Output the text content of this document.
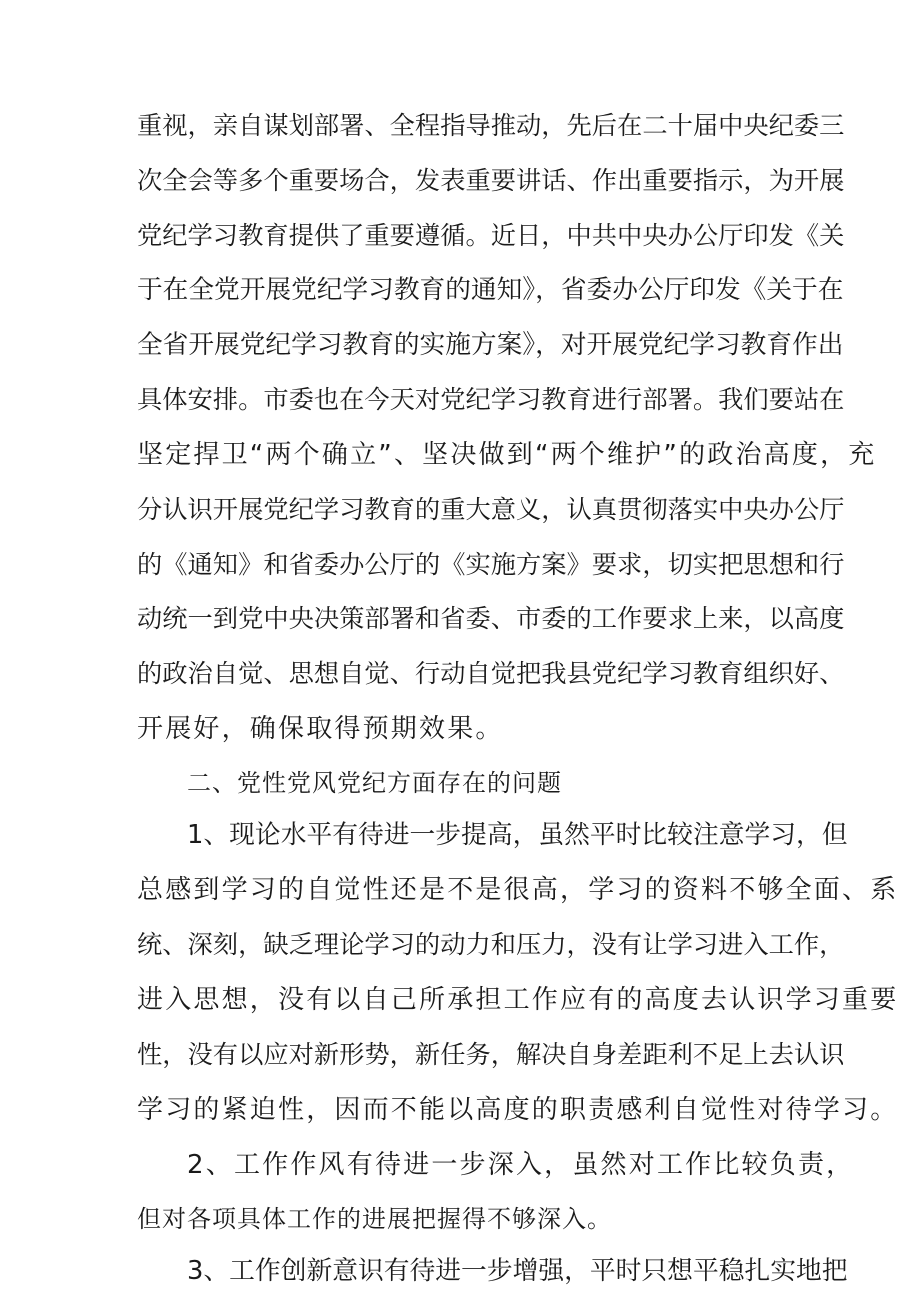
重视，亲自谋划部署、全程指导推动，先后在二十届中央纪委三
次全会等多个重要场合，发表重要讲话、作出重要指示，为开展
党纪学习教育提供了重要遵循。近日，中共中央办公厅印发《关
于在全党开展党纪学习教育的通知》，省委办公厅印发《关于在
全省开展党纪学习教育的实施方案》，对开展党纪学习教育作出
具体安排。市委也在今天对党纪学习教育进行部署。我们要站在
坚定捍卫“两个确立”、坚决做到“两个维护”的政治高度，充
分认识开展党纪学习教育的重大意义，认真贯彻落实中央办公厅
的《通知》和省委办公厅的《实施方案》要求，切实把思想和行
动统一到党中央决策部署和省委、市委的工作要求上来，以高度
的政治自觉、思想自觉、行动自觉把我县党纪学习教育组织好、
开展好，确保取得预期效果。
二、党性党风党纪方面存在的问题
1、现论水平有待进一步提高，虽然平时比较注意学习，但
总感到学习的自觉性还是不是很高，学习的资料不够全面、系
统、深刻，缺乏理论学习的动力和压力，没有让学习进入工作，
进入思想，没有以自己所承担工作应有的高度去认识学习重要
性，没有以应对新形势，新任务，解决自身差距利不足上去认识
学习的紧迫性，因而不能以高度的职责感利自觉性对待学习。
2、工作作风有待进一步深入，虽然对工作比较负责，
但对各项具体工作的进展把握得不够深入。
3、工作创新意识有待进一步增强，平时只想平稳扎实地把
